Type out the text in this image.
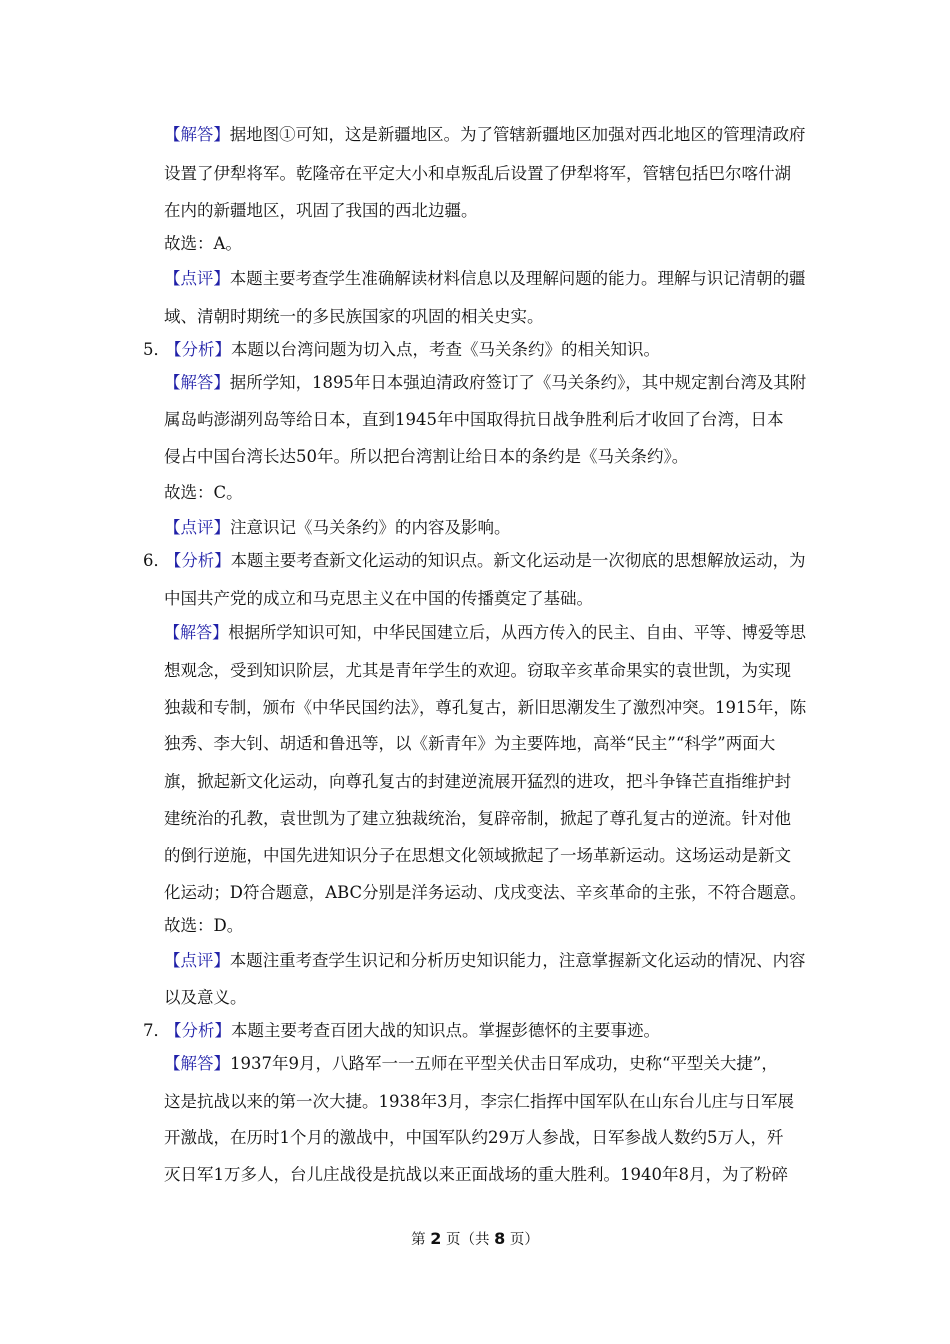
【解答】据地图①可知，这是新疆地区。为了管辖新疆地区加强对西北地区的管理清政府
设置了伊犁将军。乾隆帝在平定大小和卓叛乱后设置了伊犁将军，管辖包括巴尔喀什湖
在内的新疆地区，巩固了我国的西北边疆。
故选：A。
【点评】本题主要考查学生准确解读材料信息以及理解问题的能力。理解与识记清朝的疆
域、清朝时期统一的多民族国家的巩固的相关史实。
5．【分析】本题以台湾问题为切入点，考查《马关条约》的相关知识。
【解答】据所学知，1895年日本强迫清政府签订了《马关条约》，其中规定割台湾及其附
属岛屿澎湖列岛等给日本，直到1945年中国取得抗日战争胜利后才收回了台湾，日本
侵占中国台湾长达50年。所以把台湾割让给日本的条约是《马关条约》。
故选：C。
【点评】注意识记《马关条约》的内容及影响。
6．【分析】本题主要考查新文化运动的知识点。新文化运动是一次彻底的思想解放运动，为
中国共产党的成立和马克思主义在中国的传播奠定了基础。
【解答】根据所学知识可知，中华民国建立后，从西方传入的民主、自由、平等、博爱等思
想观念，受到知识阶层，尤其是青年学生的欢迎。窃取辛亥革命果实的袁世凯，为实现
独裁和专制，颁布《中华民国约法》，尊孔复古，新旧思潮发生了激烈冲突。1915年，陈
独秀、李大钊、胡适和鲁迅等，以《新青年》为主要阵地，高举“民主”“科学”两面大
旗，掀起新文化运动，向尊孔复古的封建逆流展开猛烈的进攻，把斗争锋芒直指维护封
建统治的孔教，袁世凯为了建立独裁统治，复辟帝制，掀起了尊孔复古的逆流。针对他
的倒行逆施，中国先进知识分子在思想文化领域掀起了一场革新运动。这场运动是新文
化运动；D符合题意，ABC分别是洋务运动、戊戌变法、辛亥革命的主张，不符合题意。
故选：D。
【点评】本题注重考查学生识记和分析历史知识能力，注意掌握新文化运动的情况、内容
以及意义。
7．【分析】本题主要考查百团大战的知识点。掌握彭德怀的主要事迹。
【解答】1937年9月，八路军一一五师在平型关伏击日军成功，史称“平型关大捷”，
这是抗战以来的第一次大捷。1938年3月，李宗仁指挥中国军队在山东台儿庄与日军展
开激战，在历时1个月的激战中，中国军队约29万人参战，日军参战人数约5万人，歼
灭日军1万多人，台儿庄战役是抗战以来正面战场的重大胜利。1940年8月，为了粉碎
第 2 页（共 8 页）
